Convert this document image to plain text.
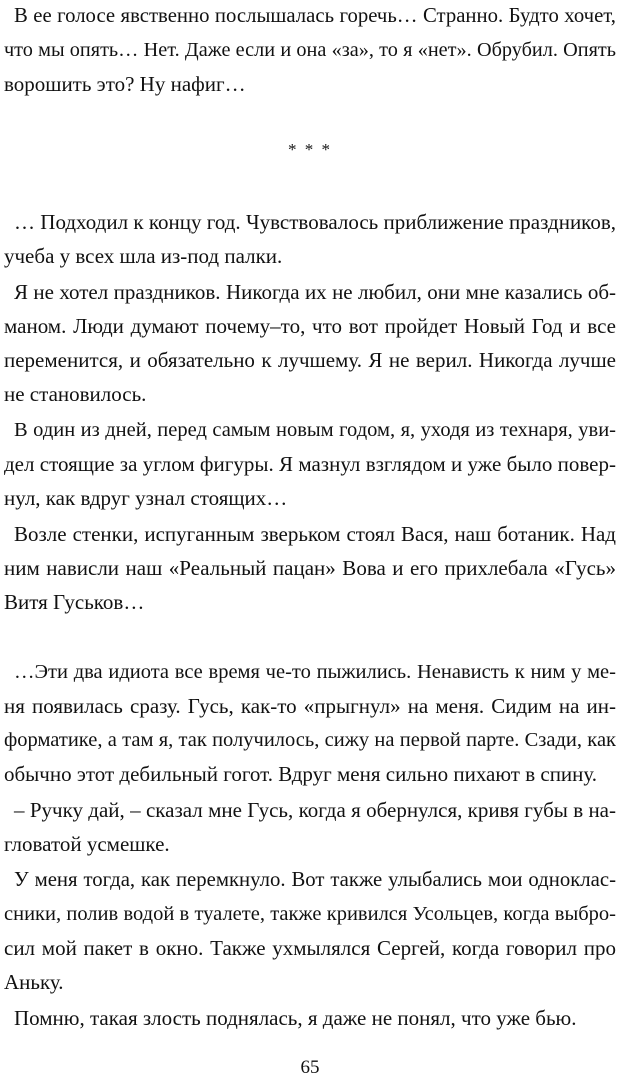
В ее голосе явственно послышалась горечь… Странно. Будто хочет,
что мы опять… Нет. Даже если и она «за», то я «нет». Обрубил. Опять
ворошить это? Ну нафиг…
* * *
… Подходил к концу год. Чувствовалось приближение праздников,
учеба у всех шла из-под палки.
Я не хотел праздников. Никогда их не любил, они мне казались об-
маном. Люди думают почему–то, что вот пройдет Новый Год и все
переменится, и обязательно к лучшему. Я не верил. Никогда лучше
не становилось.
В один из дней, перед самым новым годом, я, уходя из технаря, уви-
дел стоящие за углом фигуры. Я мазнул взглядом и уже было повер-
нул, как вдруг узнал стоящих…
Возле стенки, испуганным зверьком стоял Вася, наш ботаник. Над
ним нависли наш «Реальный пацан» Вова и его прихлебала «Гусь»
Витя Гуськов…
…Эти два идиота все время че-то пыжились. Ненависть к ним у ме-
ня появилась сразу. Гусь, как-то «прыгнул» на меня. Сидим на ин-
форматике, а там я, так получилось, сижу на первой парте. Сзади, как
обычно этот дебильный гогот. Вдруг меня сильно пихают в спину.
– Ручку дай, – сказал мне Гусь, когда я обернулся, кривя губы в на-
гловатой усмешке.
У меня тогда, как перемкнуло. Вот также улыбались мои одноклас-
сники, полив водой в туалете, также кривился Усольцев, когда выбро-
сил мой пакет в окно. Также ухмылялся Сергей, когда говорил про
Аньку.
Помню, такая злость поднялась, я даже не понял, что уже бью.
65
